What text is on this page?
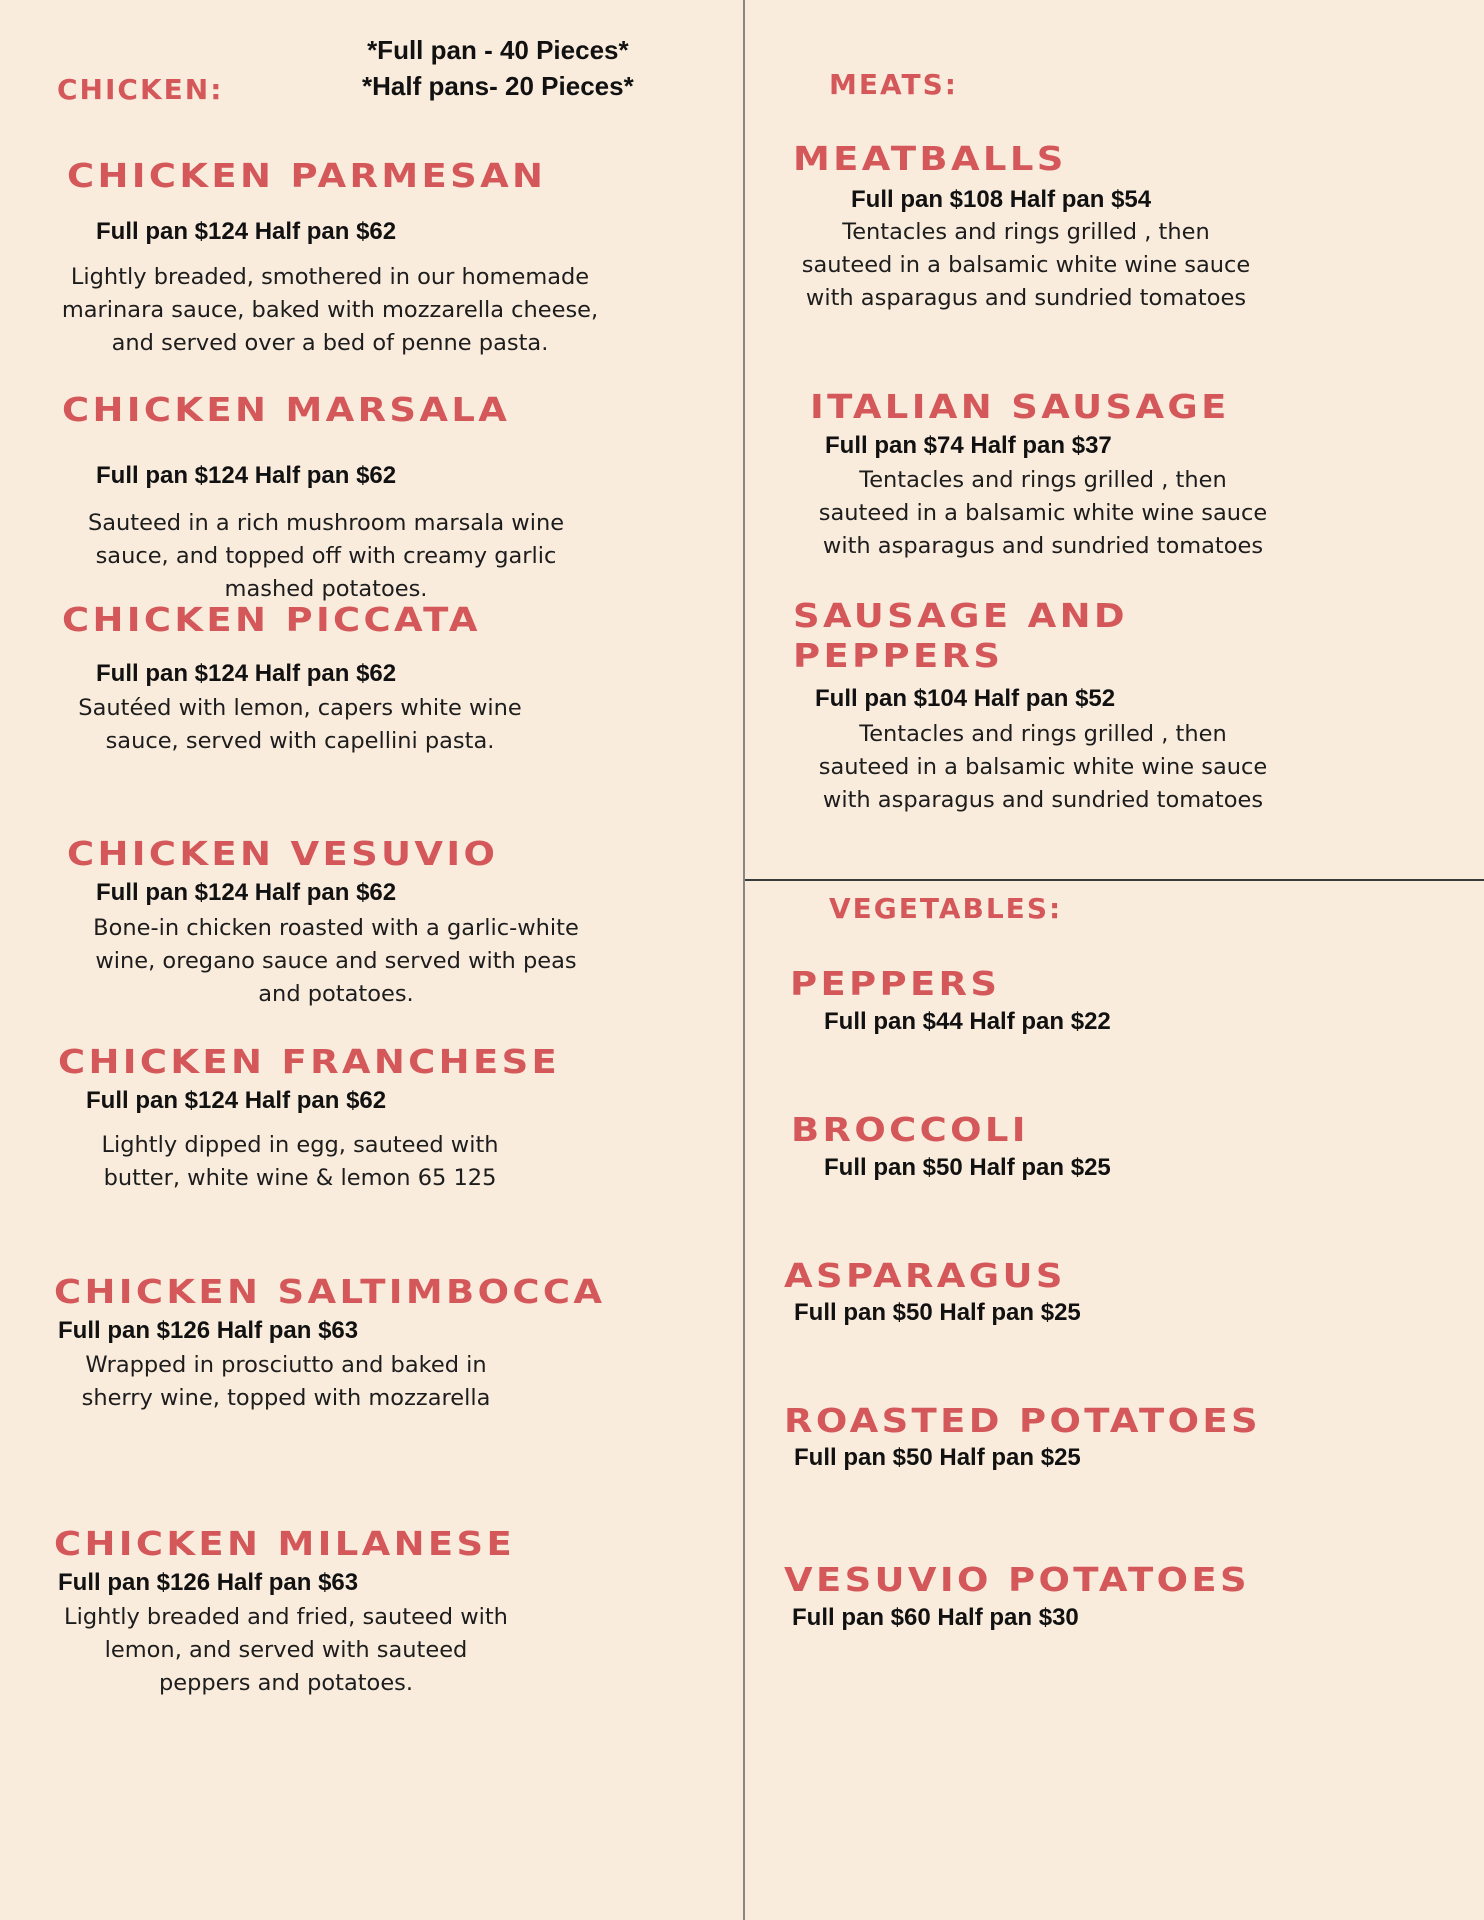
CHICKEN:
*Full pan - 40 Pieces*
*Half pans- 20 Pieces*
CHICKEN PARMESAN
Full pan $124 Half pan $62
Lightly breaded, smothered in our homemade
marinara sauce, baked with mozzarella cheese,
and served over a bed of penne pasta.
CHICKEN MARSALA
Full pan $124 Half pan $62
Sauteed in a rich mushroom marsala wine
sauce, and topped off with creamy garlic
mashed potatoes.
CHICKEN PICCATA
Full pan $124 Half pan $62
Sautéed with lemon, capers white wine
sauce, served with capellini pasta.
CHICKEN VESUVIO
Full pan $124 Half pan $62
Bone-in chicken roasted with a garlic-white
wine, oregano sauce and served with peas
and potatoes.
CHICKEN FRANCHESE
Full pan $124 Half pan $62
Lightly dipped in egg, sauteed with
butter, white wine & lemon 65 125
CHICKEN SALTIMBOCCA
Full pan $126 Half pan $63
Wrapped in prosciutto and baked in
sherry wine, topped with mozzarella
CHICKEN MILANESE
Full pan $126 Half pan $63
Lightly breaded and fried, sauteed with
lemon, and served with sauteed
peppers and potatoes.
MEATS:
MEATBALLS
Full pan $108 Half pan $54
Tentacles and rings grilled , then
sauteed in a balsamic white wine sauce
with asparagus and sundried tomatoes
ITALIAN SAUSAGE
Full pan $74 Half pan $37
Tentacles and rings grilled , then
sauteed in a balsamic white wine sauce
with asparagus and sundried tomatoes
SAUSAGE AND
PEPPERS
Full pan $104 Half pan $52
Tentacles and rings grilled , then
sauteed in a balsamic white wine sauce
with asparagus and sundried tomatoes
VEGETABLES:
PEPPERS
Full pan $44 Half pan $22
BROCCOLI
Full pan $50 Half pan $25
ASPARAGUS
Full pan $50 Half pan $25
ROASTED POTATOES
Full pan $50 Half pan $25
VESUVIO POTATOES
Full pan $60 Half pan $30
